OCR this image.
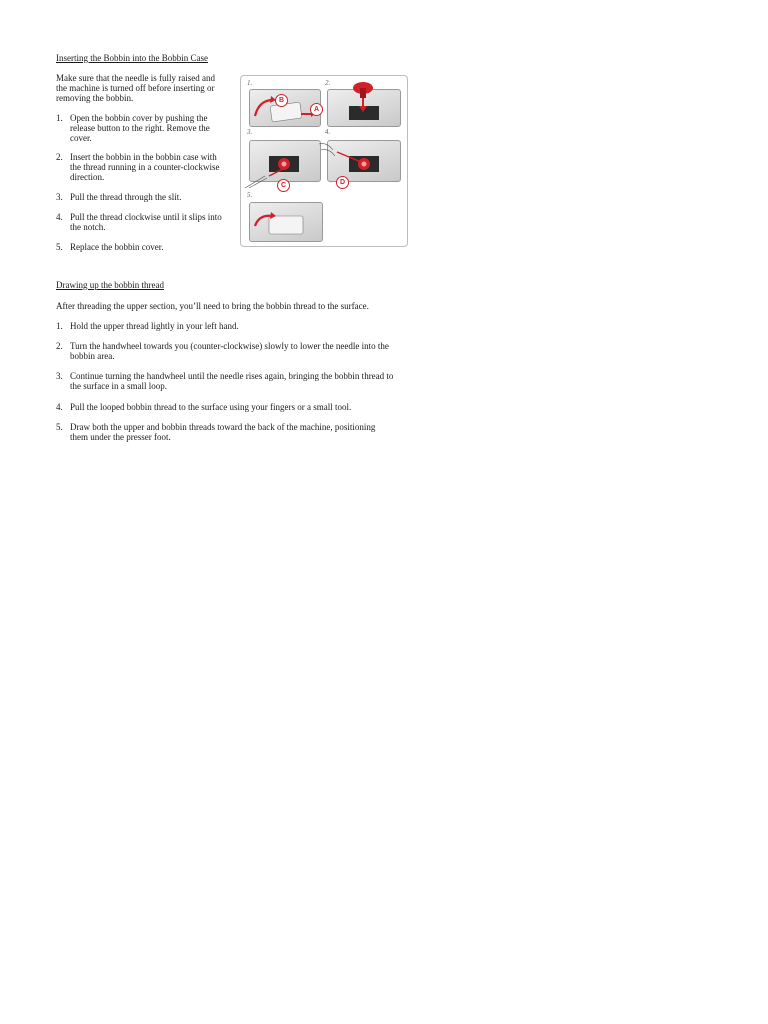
Inserting the Bobbin into the Bobbin Case
Make sure that the needle is fully raised and
the machine is turned off before inserting or
removing the bobbin.
1. Open the bobbin cover by pushing the
release button to the right. Remove the
cover.
2. Insert the bobbin in the bobbin case with
the thread running in a counter-clockwise
direction.
3. Pull the thread through the slit.
4. Pull the thread clockwise until it slips into
the notch.
5. Replace the bobbin cover.
1.	2.
3.	4.
5.
A
B
C	D
Drawing up the bobbin thread
After threading the upper section, you’ll need to bring the bobbin thread to the surface.
1. Hold the upper thread lightly in your left hand.
2. Turn the handwheel towards you (counter-clockwise) slowly to lower the needle into the
bobbin area.
3. Continue turning the handwheel until the needle rises again, bringing the bobbin thread to
the surface in a small loop.
4. Pull the looped bobbin thread to the surface using your fingers or a small tool.
5. Draw both the upper and bobbin threads toward the back of the machine, positioning
them under the presser foot.
